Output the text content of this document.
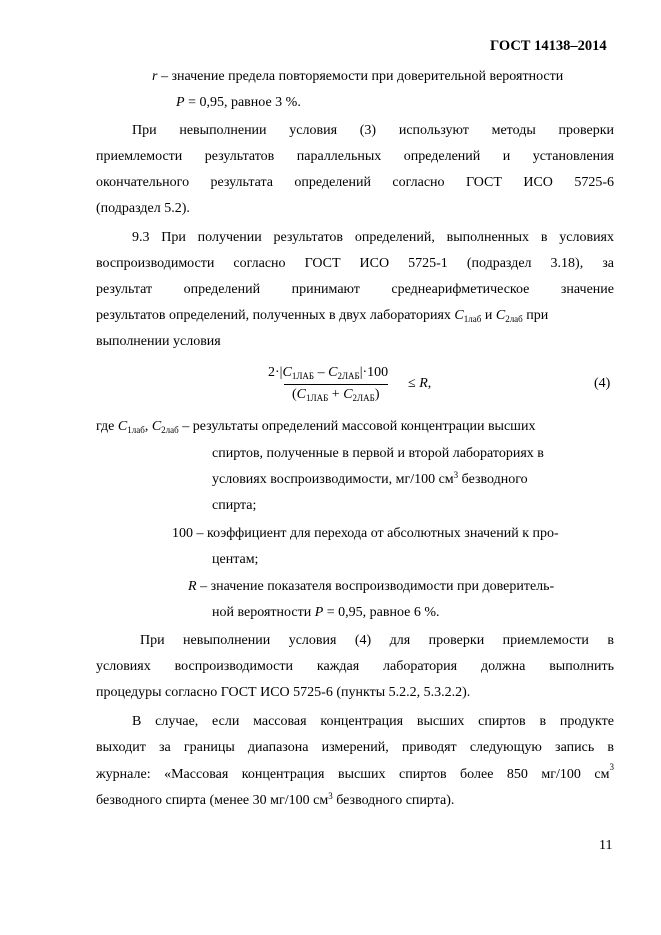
ГОСТ 14138–2014
r – значение предела повторяемости при доверительной вероятности
P = 0,95, равное 3 %.
При невыполнении условия (3) используют методы проверки
приемлемости результатов параллельных определений и установления
окончательного результата определений согласно ГОСТ ИСО 5725-6
(подраздел 5.2).
9.3 При получении результатов определений, выполненных в условиях
воспроизводимости согласно ГОСТ ИСО 5725-1 (подраздел 3.18), за
результат определений принимают среднеарифметическое значение
результатов определений, полученных в двух лабораториях $C_{1лаб}$ и $C_{2лаб}$ при
выполнении условия
$2\cdot|C_{1ЛАБ} - C_{2ЛАБ}|\cdot 100$
$(C_{1ЛАБ} + C_{2ЛАБ})$
≤ R,	(4)
где $C_{1лаб}$, $C_{2лаб}$ – результаты определений массовой концентрации высших
спиртов, полученные в первой и второй лабораториях в
условиях воспроизводимости, мг/100 $см^3$ безводного
спирта;
100 – коэффициент для перехода от абсолютных значений к про-
центам;
R – значение показателя воспроизводимости при доверитель-
ной вероятности P = 0,95, равное 6 %.
При невыполнении условия (4) для проверки приемлемости в
условиях воспроизводимости каждая лаборатория должна выполнить
процедуры согласно ГОСТ ИСО 5725-6 (пункты 5.2.2, 5.3.2.2).
В случае, если массовая концентрация высших спиртов в продукте
выходит за границы диапазона измерений, приводят следующую запись в
журнале: «Массовая концентрация высших спиртов более 850 мг/100 см 3
безводного спирта (менее 30 мг/100 $см^3$ безводного спирта).
11
